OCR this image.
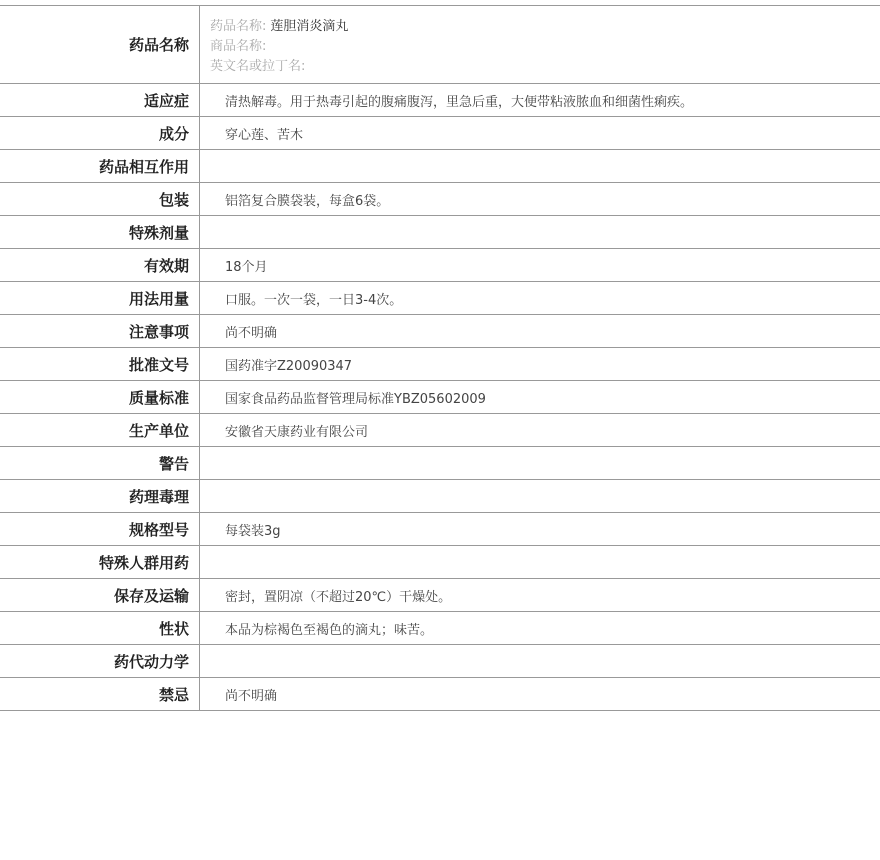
药品名称
药品名称: 莲胆消炎滴丸
商品名称:
英文名或拉丁名:
适应症	清热解毒。用于热毒引起的腹痛腹泻，里急后重，大便带粘液脓血和细菌性痢疾。
成分	穿心莲、苦木
药品相互作用
包装	铝箔复合膜袋装，每盒6袋。
特殊剂量
有效期	18个月
用法用量	口服。一次一袋，一日3-4次。
注意事项	尚不明确
批准文号	国药准字Z20090347
质量标准	国家食品药品监督管理局标准YBZ05602009
生产单位	安徽省天康药业有限公司
警告
药理毒理
规格型号	每袋装3g
特殊人群用药
保存及运输	密封，置阴凉（不超过20℃）干燥处。
性状	本品为棕褐色至褐色的滴丸；味苦。
药代动力学
禁忌	尚不明确
